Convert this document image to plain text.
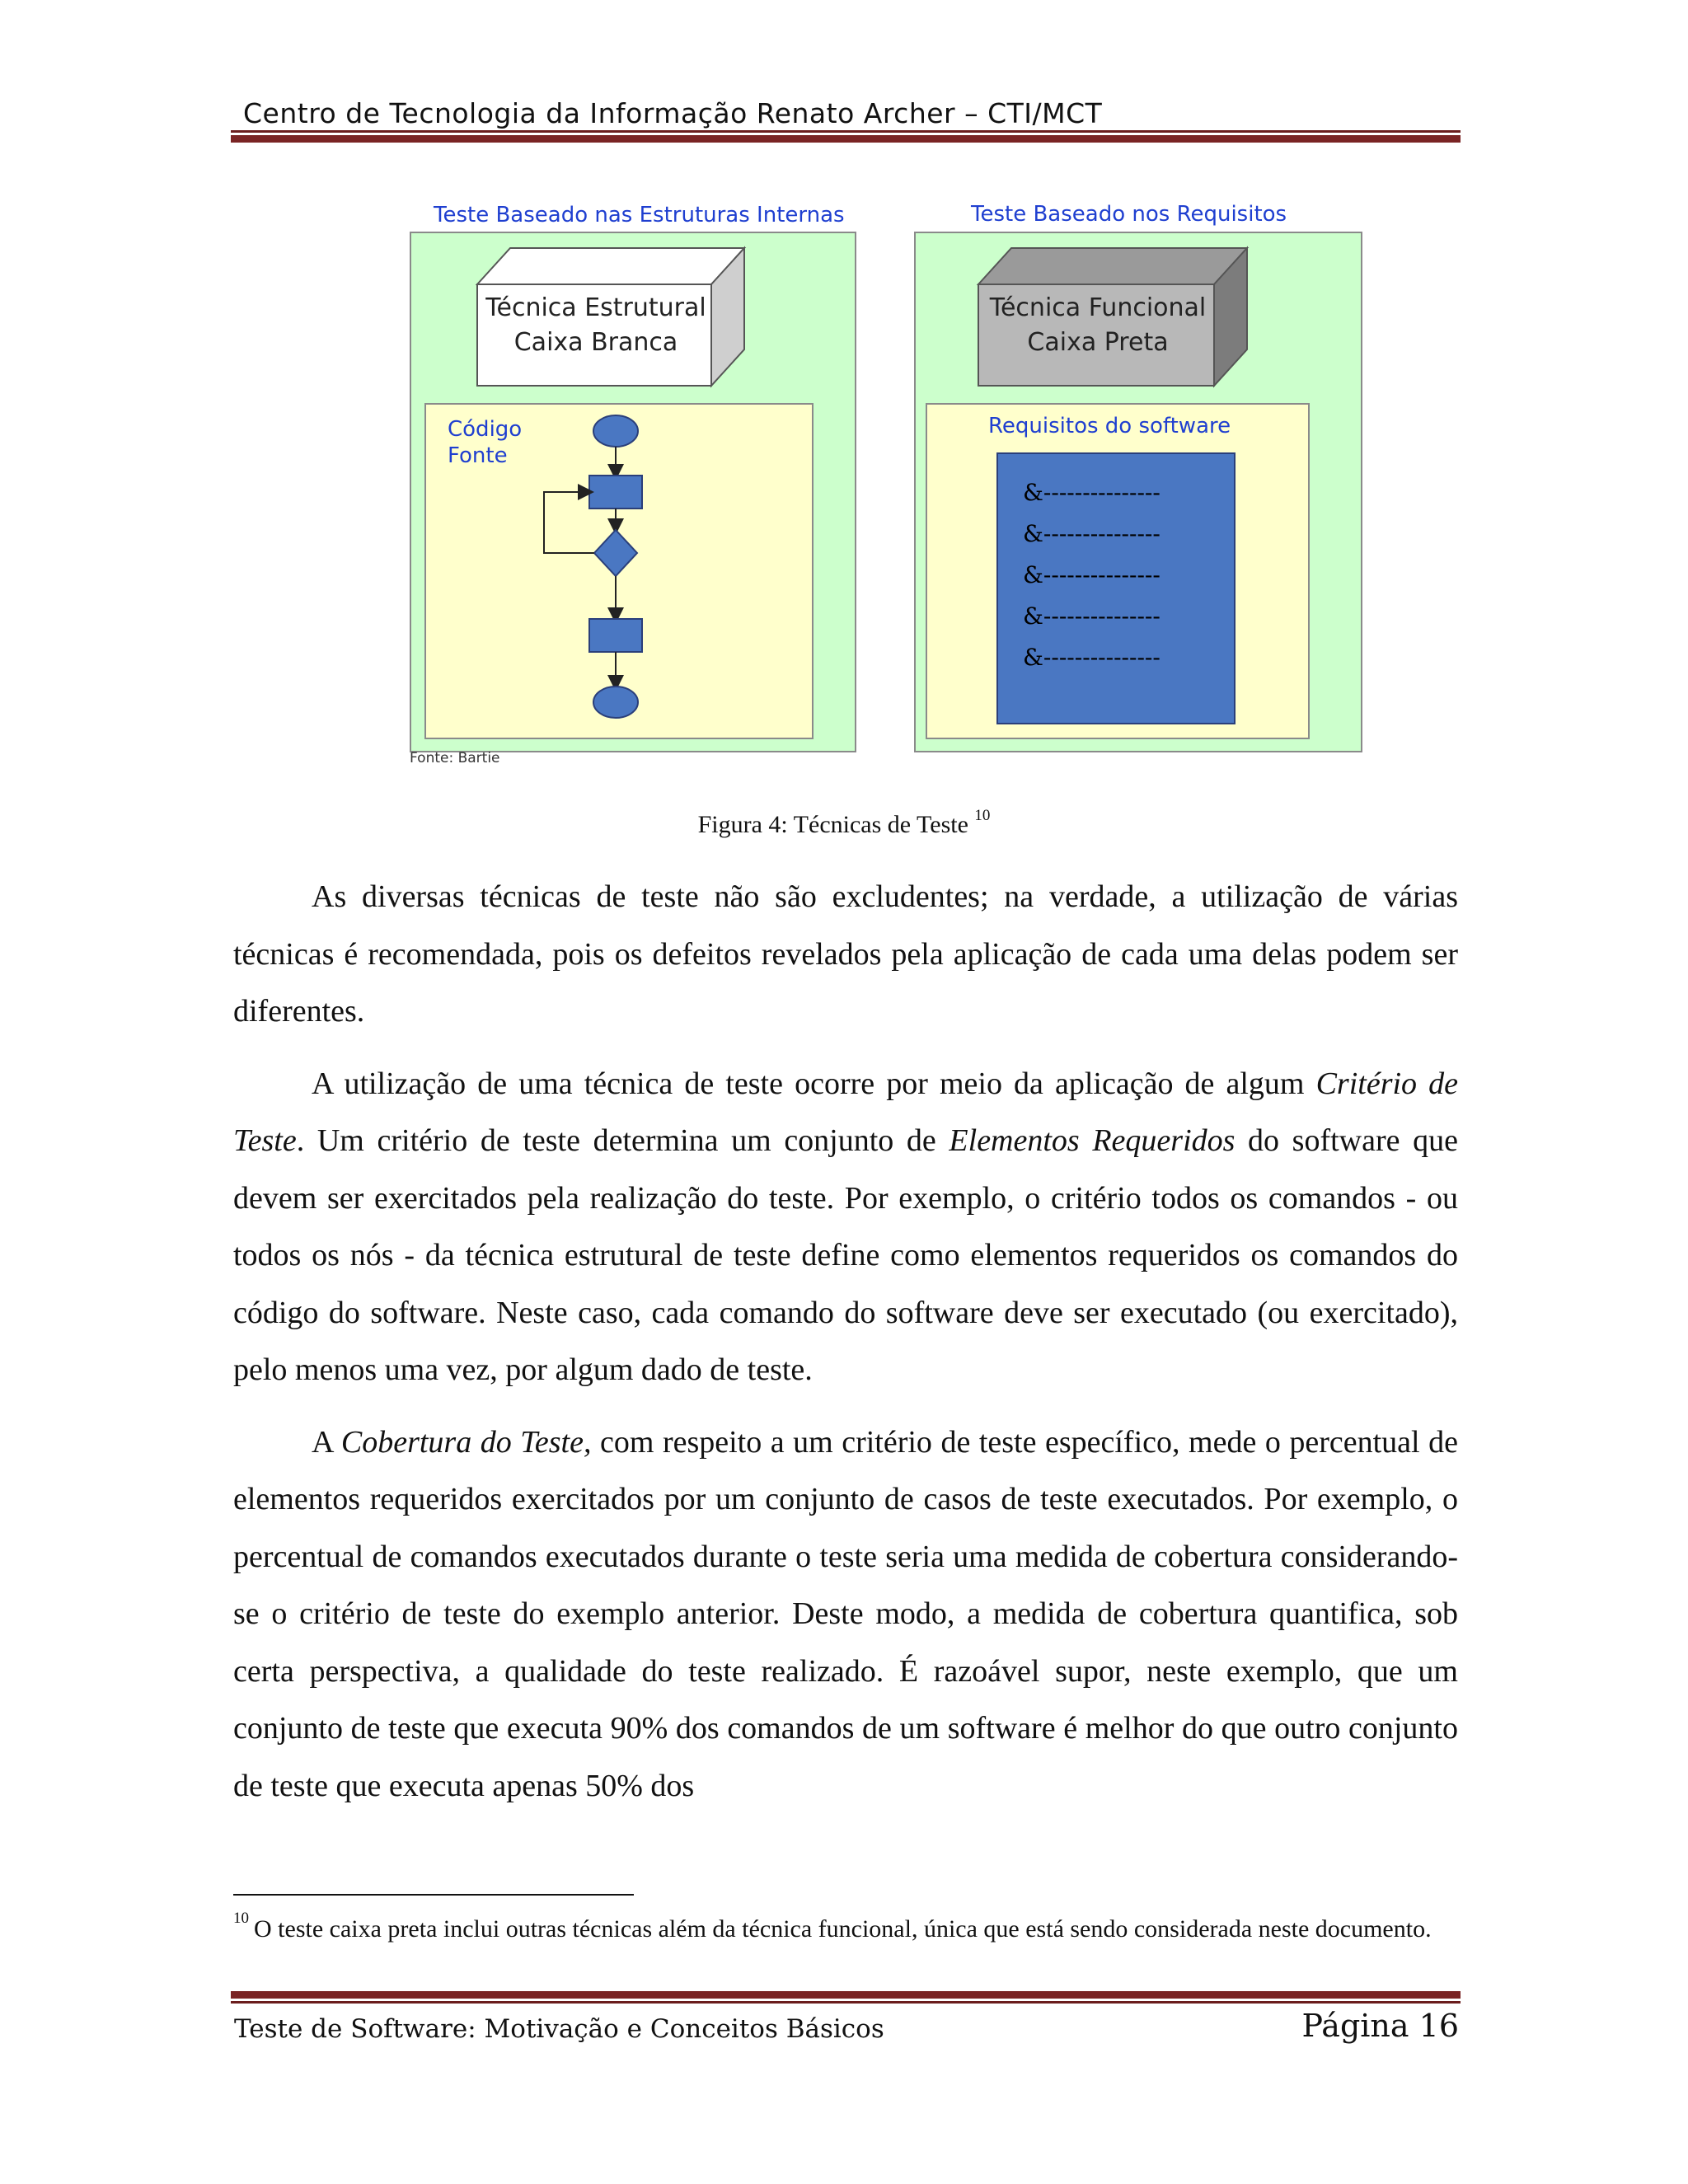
Centro de Tecnologia da Informação Renato Archer – CTI/MCT
Teste Baseado nas Estruturas Internas
Técnica Estrutural
Caixa Branca
Código
Fonte
Teste Baseado nos Requisitos
Técnica Funcional
Caixa Preta
Requisitos do software
&---------------
&---------------
&---------------
&---------------
&---------------
Fonte: Bartie
Figura 4: Técnicas de Teste $^{10}$

As diversas técnicas de teste não são excludentes; na verdade, a utilização de várias técnicas é recomendada, pois os defeitos revelados pela aplicação de cada uma delas podem ser diferentes.

A utilização de uma técnica de teste ocorre por meio da aplicação de algum Critério de Teste. Um critério de teste determina um conjunto de Elementos Requeridos do software que devem ser exercitados pela realização do teste. Por exemplo, o critério todos os comandos - ou todos os nós - da técnica estrutural de teste define como elementos requeridos os comandos do código do software. Neste caso, cada comando do software deve ser executado (ou exercitado), pelo menos uma vez, por algum dado de teste.

A Cobertura do Teste, com respeito a um critério de teste específico, mede o percentual de elementos requeridos exercitados por um conjunto de casos de teste executados. Por exemplo, o percentual de comandos executados durante o teste seria uma medida de cobertura considerando-se o critério de teste do exemplo anterior. Deste modo, a medida de cobertura quantifica, sob certa perspectiva, a qualidade do teste realizado. É razoável supor, neste exemplo, que um conjunto de teste que executa 90% dos comandos de um software é melhor do que outro conjunto de teste que executa apenas 50% dos

$^{10}$ O teste caixa preta inclui outras técnicas além da técnica funcional, única que está sendo considerada neste documento.
Teste de Software: Motivação e Conceitos Básicos	Página 16
